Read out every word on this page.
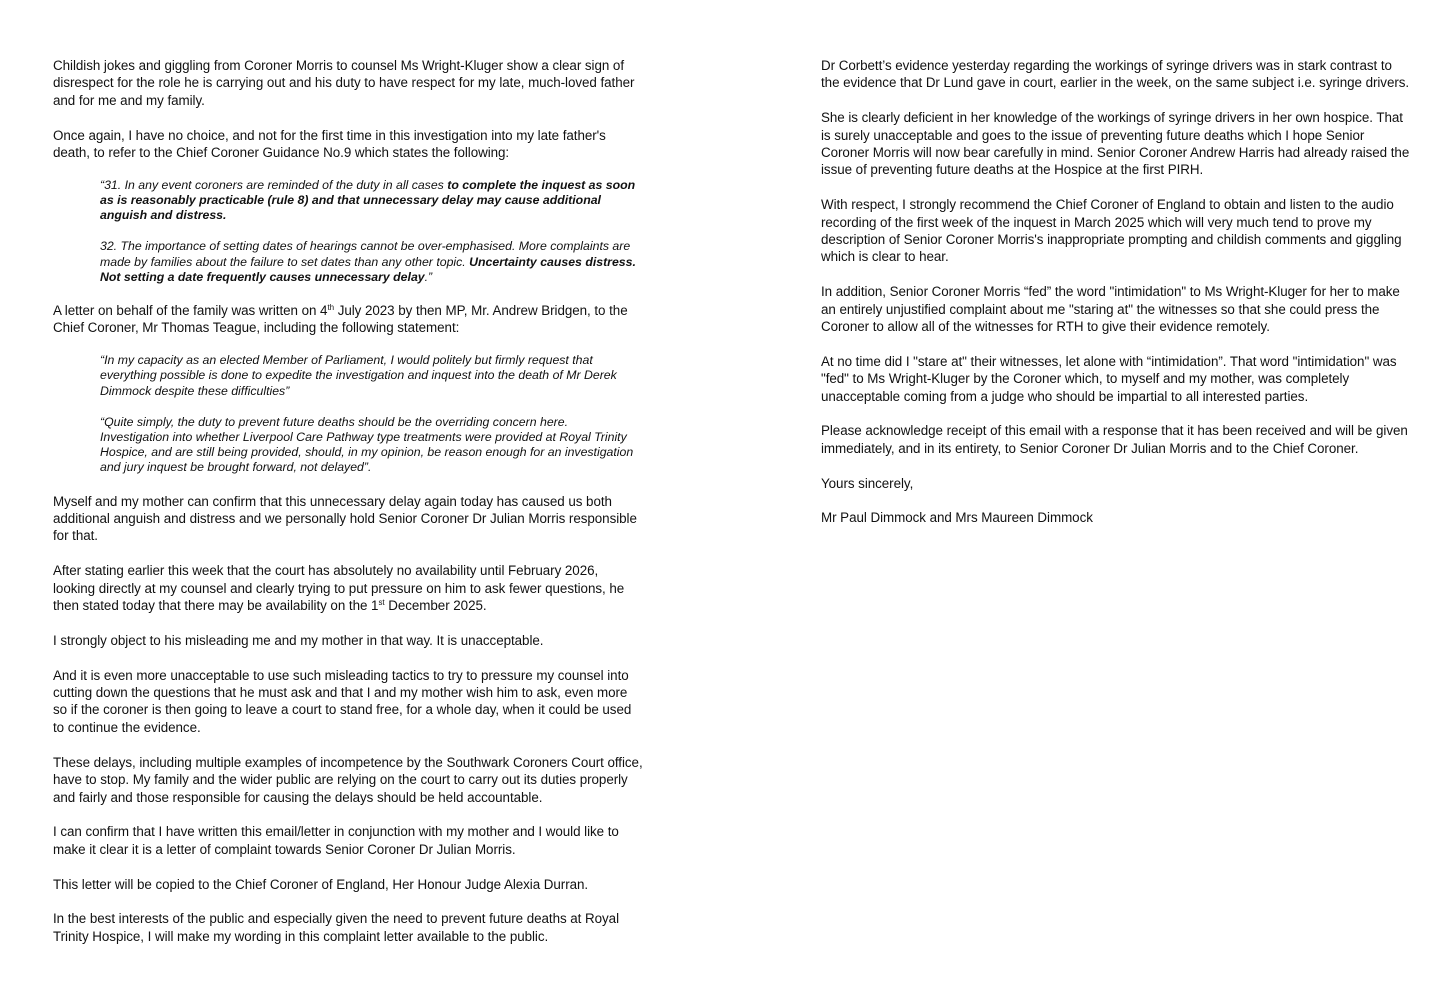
Childish jokes and giggling from Coroner Morris to counsel Ms Wright-Kluger show a clear sign of disrespect for the role he is carrying out and his duty to have respect for my late, much-loved father and for me and my family.

Once again, I have no choice, and not for the first time in this investigation into my late father's death, to refer to the Chief Coroner Guidance No.9 which states the following:

“31. In any event coroners are reminded of the duty in all cases to complete the inquest as soon as is reasonably practicable (rule 8) and that unnecessary delay may cause additional anguish and distress.
32. The importance of setting dates of hearings cannot be over-emphasised. More complaints are made by families about the failure to set dates than any other topic. Uncertainty causes distress. Not setting a date frequently causes unnecessary delay.”

A letter on behalf of the family was written on 4th July 2023 by then MP, Mr. Andrew Bridgen, to the Chief Coroner, Mr Thomas Teague, including the following statement:

“In my capacity as an elected Member of Parliament, I would politely but firmly request that everything possible is done to expedite the investigation and inquest into the death of Mr Derek Dimmock despite these difficulties”
“Quite simply, the duty to prevent future deaths should be the overriding concern here. Investigation into whether Liverpool Care Pathway type treatments were provided at Royal Trinity Hospice, and are still being provided, should, in my opinion, be reason enough for an investigation and jury inquest be brought forward, not delayed”.

Myself and my mother can confirm that this unnecessary delay again today has caused us both additional anguish and distress and we personally hold Senior Coroner Dr Julian Morris responsible for that.

After stating earlier this week that the court has absolutely no availability until February 2026, looking directly at my counsel and clearly trying to put pressure on him to ask fewer questions, he then stated today that there may be availability on the 1st December 2025.

I strongly object to his misleading me and my mother in that way. It is unacceptable.

And it is even more unacceptable to use such misleading tactics to try to pressure my counsel into cutting down the questions that he must ask and that I and my mother wish him to ask, even more so if the coroner is then going to leave a court to stand free, for a whole day, when it could be used to continue the evidence.

These delays, including multiple examples of incompetence by the Southwark Coroners Court office, have to stop. My family and the wider public are relying on the court to carry out its duties properly and fairly and those responsible for causing the delays should be held accountable.

I can confirm that I have written this email/letter in conjunction with my mother and I would like to make it clear it is a letter of complaint towards Senior Coroner Dr Julian Morris.

This letter will be copied to the Chief Coroner of England, Her Honour Judge Alexia Durran.

In the best interests of the public and especially given the need to prevent future deaths at Royal Trinity Hospice, I will make my wording in this complaint letter available to the public.

Dr Corbett’s evidence yesterday regarding the workings of syringe drivers was in stark contrast to the evidence that Dr Lund gave in court, earlier in the week, on the same subject i.e. syringe drivers.

She is clearly deficient in her knowledge of the workings of syringe drivers in her own hospice. That is surely unacceptable and goes to the issue of preventing future deaths which I hope Senior Coroner Morris will now bear carefully in mind. Senior Coroner Andrew Harris had already raised the issue of preventing future deaths at the Hospice at the first PIRH.

With respect, I strongly recommend the Chief Coroner of England to obtain and listen to the audio recording of the first week of the inquest in March 2025 which will very much tend to prove my description of Senior Coroner Morris's inappropriate prompting and childish comments and giggling which is clear to hear.

In addition, Senior Coroner Morris “fed” the word "intimidation" to Ms Wright-Kluger for her to make an entirely unjustified complaint about me "staring at" the witnesses so that she could press the Coroner to allow all of the witnesses for RTH to give their evidence remotely.

At no time did I "stare at" their witnesses, let alone with “intimidation”. That word "intimidation" was "fed" to Ms Wright-Kluger by the Coroner which, to myself and my mother, was completely unacceptable coming from a judge who should be impartial to all interested parties.

Please acknowledge receipt of this email with a response that it has been received and will be given immediately, and in its entirety, to Senior Coroner Dr Julian Morris and to the Chief Coroner.

Yours sincerely,

Mr Paul Dimmock and Mrs Maureen Dimmock
